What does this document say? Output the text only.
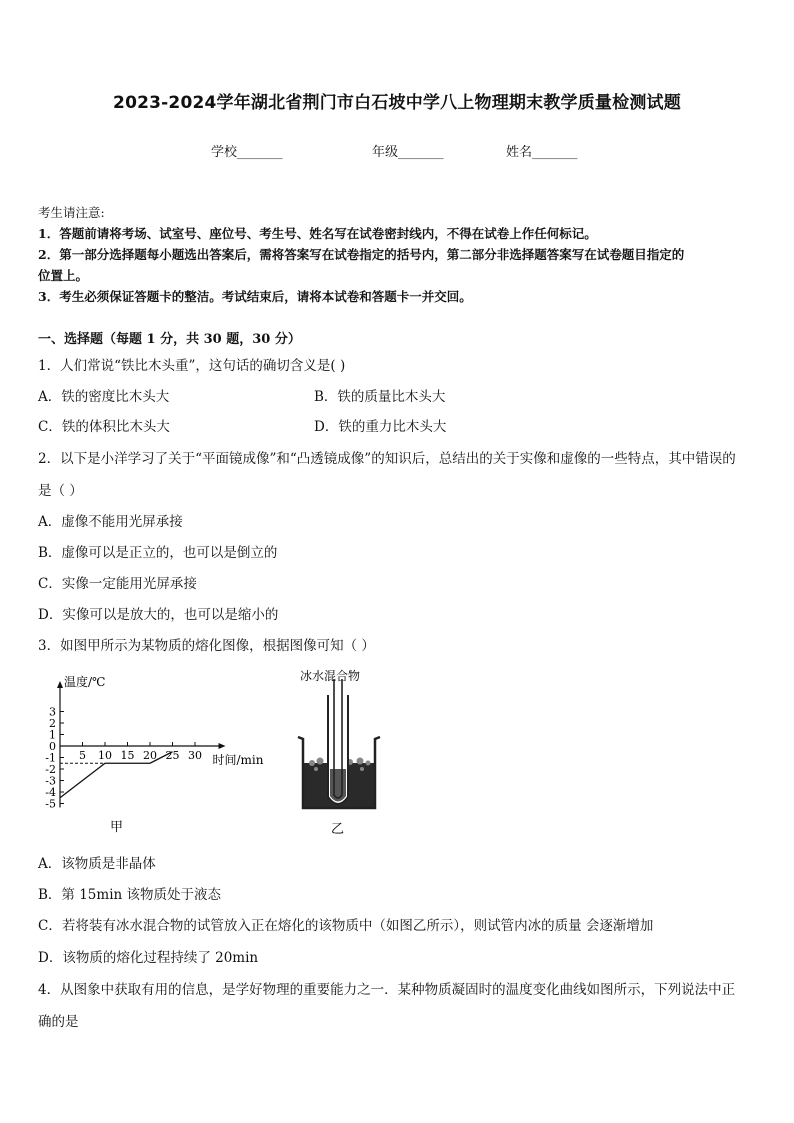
2023-2024学年湖北省荆门市白石坡中学八上物理期末教学质量检测试题
学校_______	年级_______	姓名_______
考生请注意:
1．答题前请将考场、试室号、座位号、考生号、姓名写在试卷密封线内，不得在试卷上作任何标记。
2．第一部分选择题每小题选出答案后，需将答案写在试卷指定的括号内，第二部分非选择题答案写在试卷题目指定的
位置上。
3．考生必须保证答题卡的整洁。考试结束后，请将本试卷和答题卡一并交回。
一、选择题（每题 1 分，共 30 题，30 分）
1．人们常说“铁比木头重”，这句话的确切含义是( )
A．铁的密度比木头大	B．铁的质量比木头大
C．铁的体积比木头大	D．铁的重力比木头大
2．以下是小洋学习了关于“平面镜成像”和“凸透镜成像”的知识后，总结出的关于实像和虚像的一些特点，其中错误的
是（ ）
A．虚像不能用光屏承接
B．虚像可以是正立的，也可以是倒立的
C．实像一定能用光屏承接
D．实像可以是放大的，也可以是缩小的
3．如图甲所示为某物质的熔化图像，根据图像可知（ ）
3
2
1
0
-1
-2
-3
-4
-5
5 10 15 20 25 30
温度/℃
时间/min
甲
冰水混合物
乙
A．该物质是非晶体
B．第 15min 该物质处于液态
C．若将装有冰水混合物的试管放入正在熔化的该物质中（如图乙所示），则试管内冰的质量 会逐渐增加
D．该物质的熔化过程持续了 20min
4．从图象中获取有用的信息，是学好物理的重要能力之一．某种物质凝固时的温度变化曲线如图所示，下列说法中正
确的是
